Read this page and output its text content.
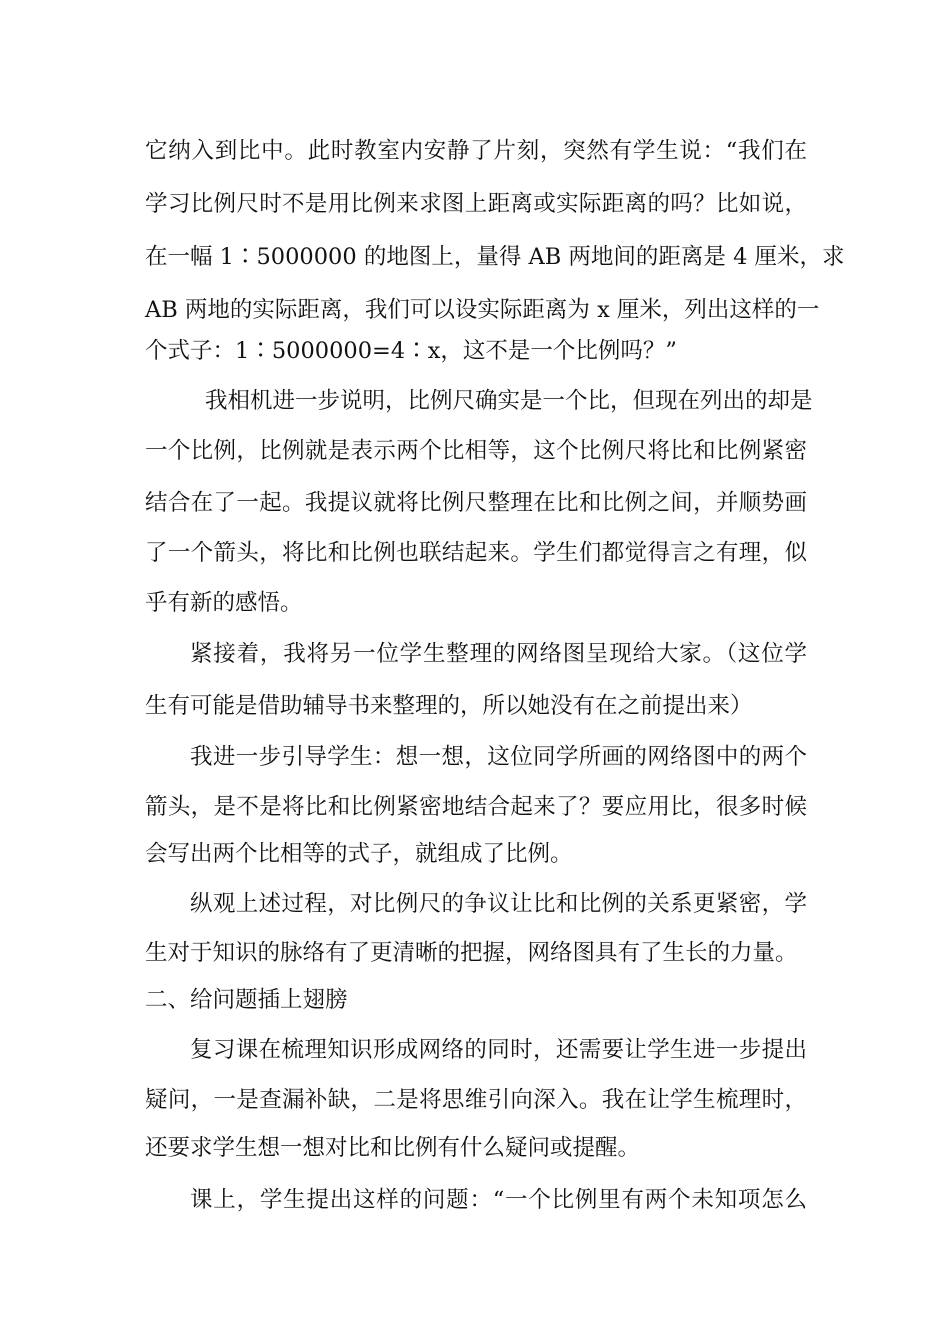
它纳入到比中。此时教室内安静了片刻，突然有学生说：“我们在
学习比例尺时不是用比例来求图上距离或实际距离的吗？比如说，
在一幅 1∶5000000 的地图上，量得 AB 两地间的距离是 4 厘米，求
AB 两地的实际距离，我们可以设实际距离为 x 厘米，列出这样的一
个式子：1∶5000000=4∶x，这不是一个比例吗？”
我相机进一步说明，比例尺确实是一个比，但现在列出的却是
一个比例，比例就是表示两个比相等，这个比例尺将比和比例紧密
结合在了一起。我提议就将比例尺整理在比和比例之间，并顺势画
了一个箭头，将比和比例也联结起来。学生们都觉得言之有理，似
乎有新的感悟。
紧接着，我将另一位学生整理的网络图呈现给大家。（这位学
生有可能是借助辅导书来整理的，所以她没有在之前提出来）
我进一步引导学生：想一想，这位同学所画的网络图中的两个
箭头，是不是将比和比例紧密地结合起来了？要应用比，很多时候
会写出两个比相等的式子，就组成了比例。
纵观上述过程，对比例尺的争议让比和比例的关系更紧密，学
生对于知识的脉络有了更清晰的把握，网络图具有了生长的力量。
二、给问题插上翅膀
复习课在梳理知识形成网络的同时，还需要让学生进一步提出
疑问，一是查漏补缺，二是将思维引向深入。我在让学生梳理时，
还要求学生想一想对比和比例有什么疑问或提醒。
课上，学生提出这样的问题：“一个比例里有两个未知项怎么
